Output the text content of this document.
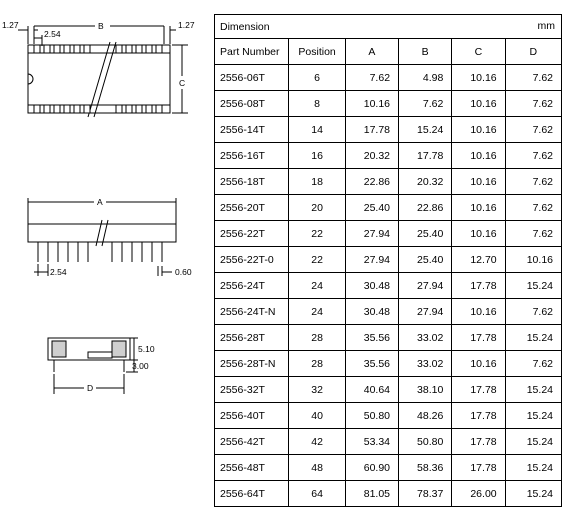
1.27
2.54
B	1.27
C
A
2.54	0.60
5.10
3.00
D
Dimension mm					

Part Number	Position	A	B	C	D
2556-06T	6	7.62	4.98	10.16	7.62
2556-08T	8	10.16	7.62	10.16	7.62
2556-14T	14	17.78	15.24	10.16	7.62
2556-16T	16	20.32	17.78	10.16	7.62
2556-18T	18	22.86	20.32	10.16	7.62
2556-20T	20	25.40	22.86	10.16	7.62
2556-22T	22	27.94	25.40	10.16	7.62
2556-22T-0	22	27.94	25.40	12.70	10.16
2556-24T	24	30.48	27.94	17.78	15.24
2556-24T-N	24	30.48	27.94	10.16	7.62
2556-28T	28	35.56	33.02	17.78	15.24
2556-28T-N	28	35.56	33.02	10.16	7.62
2556-32T	32	40.64	38.10	17.78	15.24
2556-40T	40	50.80	48.26	17.78	15.24
2556-42T	42	53.34	50.80	17.78	15.24
2556-48T	48	60.90	58.36	17.78	15.24
2556-64T	64	81.05	78.37	26.00	15.24
